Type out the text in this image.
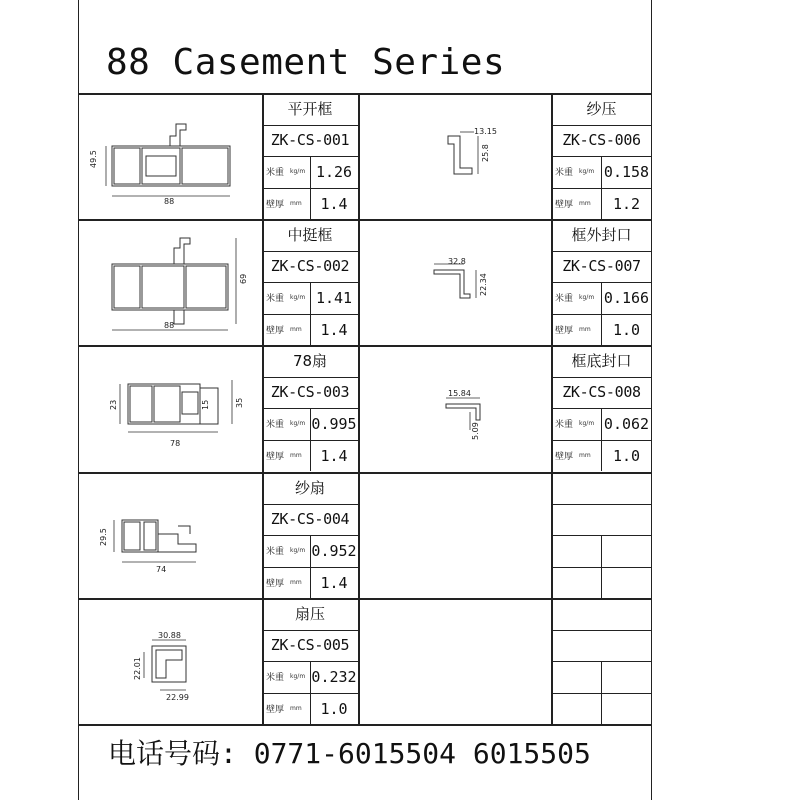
88 Casement Series
平开框
ZK-CS-001
米重 kg/m 1.26
壁厚 mm	1.4
中挺框
ZK-CS-002
米重 kg/m 1.41
壁厚 mm	1.4
78扇
ZK-CS-003
米重 kg/m 0.995
壁厚 mm	1.4
纱扇
ZK-CS-004
米重 kg/m 0.952
壁厚 mm	1.4
扇压
ZK-CS-005
米重 kg/m 0.232
壁厚 mm	1.0
纱压
ZK-CS-006
米重 kg/m 0.158
壁厚 mm	1.2
框外封口
ZK-CS-007
米重 kg/m 0.166
壁厚 mm	1.0
框底封口
ZK-CS-008
米重 kg/m 0.062
壁厚 mm	1.0
49.5
88
69
88
23	15	35
78
29.5
74
30.88
22.01
22.99
13.15
25.8
32.8
22.34
15.84
5.09
电话号码: 0771-6015504 6015505
